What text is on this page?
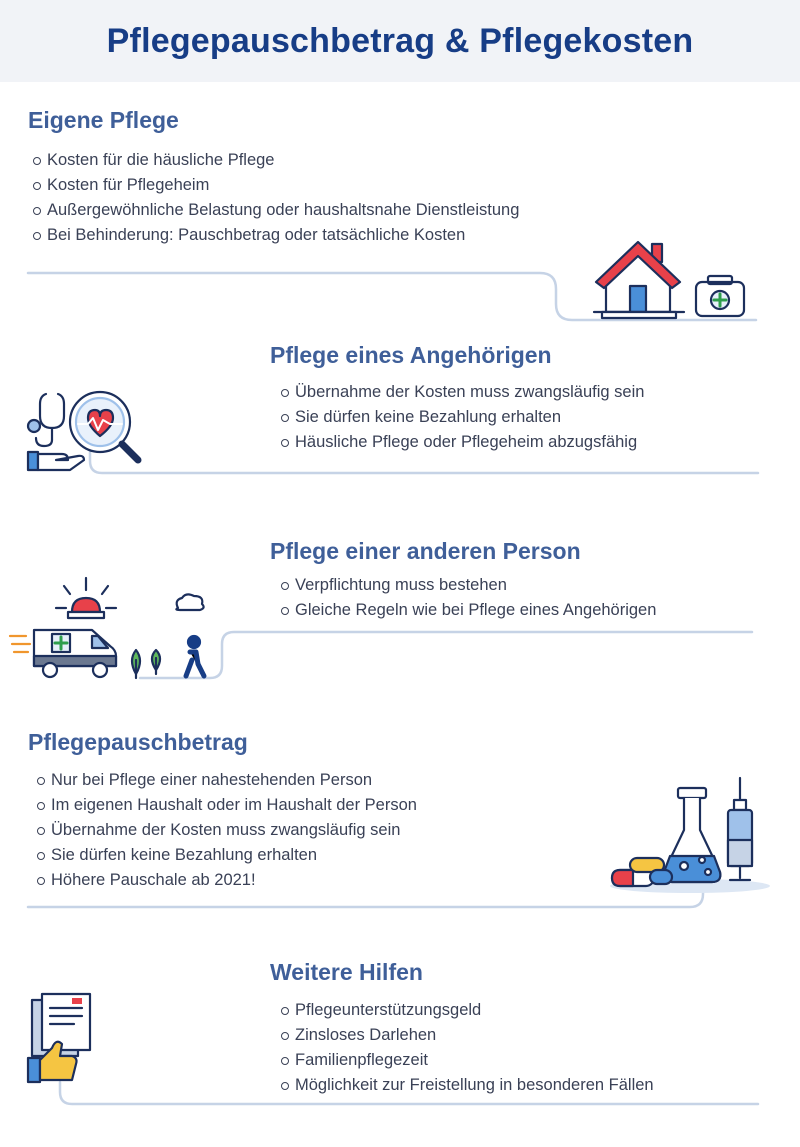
Pflegepauschbetrag & Pflegekosten
Eigene Pflege
Kosten für die häusliche Pflege
Kosten für Pflegeheim
Außergewöhnliche Belastung oder haushaltsnahe Dienstleistung
Bei Behinderung: Pauschbetrag oder tatsächliche Kosten
Pflege eines Angehörigen
Übernahme der Kosten muss zwangsläufig sein
Sie dürfen keine Bezahlung erhalten
Häusliche Pflege oder Pflegeheim abzugsfähig
Pflege einer anderen Person
Verpflichtung muss bestehen
Gleiche Regeln wie bei Pflege eines Angehörigen
Pflegepauschbetrag
Nur bei Pflege einer nahestehenden Person
Im eigenen Haushalt oder im Haushalt der Person
Übernahme der Kosten muss zwangsläufig sein
Sie dürfen keine Bezahlung erhalten
Höhere Pauschale ab 2021!
Weitere Hilfen
Pflegeunterstützungsgeld
Zinsloses Darlehen
Familienpflegezeit
Möglichkeit zur Freistellung in besonderen Fällen
